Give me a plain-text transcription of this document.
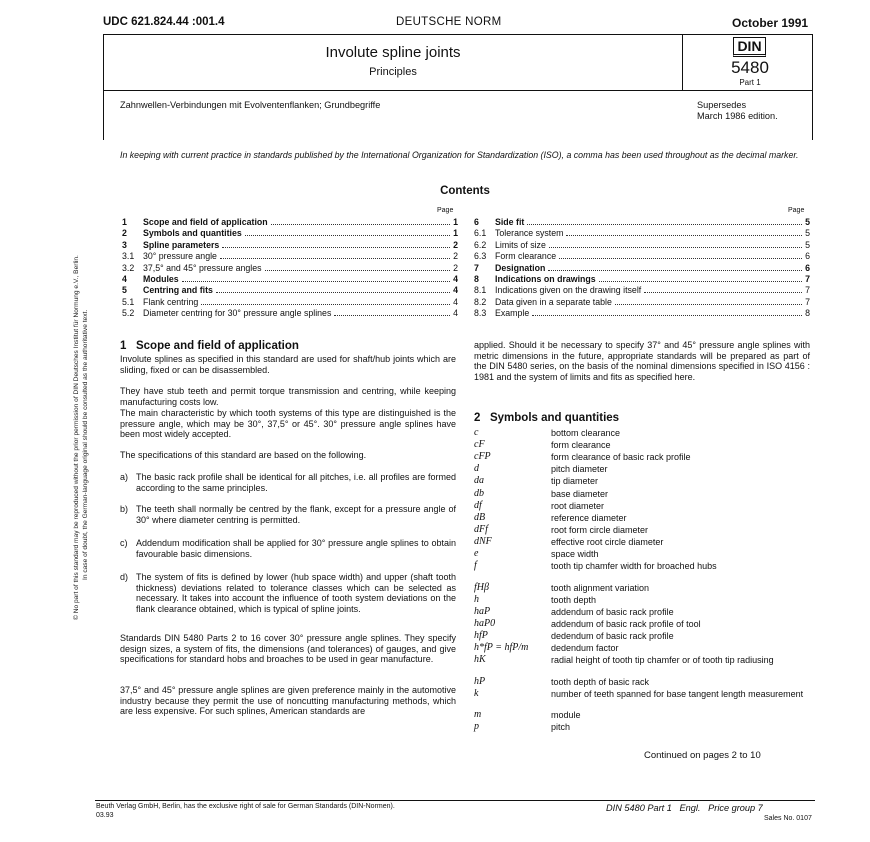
UDC 621.824.44 :001.4	DEUTSCHE NORM	October 1991
Involute spline joints
Principles
DIN
5480
Part 1
Zahnwellen-Verbindungen mit Evolventenflanken; Grundbegriffe	Supersedes
March 1986 edition.
In keeping with current practice in standards published by the International Organization for Standardization (ISO), a comma has been used throughout as the decimal marker.
Contents
Page	Page
1	Scope and field of application	1
2	Symbols and quantities	1
3	Spline parameters	2
3.1 30° pressure angle	2
3.2 37,5° and 45° pressure angles	2
4	Modules	4
5	Centring and fits	4
5.1 Flank centring	4
5.2 Diameter centring for 30° pressure angle splines	4
6	Side fit	5
6.1 Tolerance system	5
6.2 Limits of size	5
6.3 Form clearance	6
7	Designation	6
8	Indications on drawings	7
8.1 Indications given on the drawing itself	7
8.2 Data given in a separate table	7
8.3 Example	8
1   Scope and field of application
Involute splines as specified in this standard are used for shaft/hub joints which are sliding, fixed or can be disassembled.
They have stub teeth and permit torque transmission and centring, while keeping manufacturing costs low.
The main characteristic by which tooth systems of this type are distinguished is the pressure angle, which may be 30°, 37,5° or 45°. 30° pressure angle splines have been most widely accepted.
The specifications of this standard are based on the following.
a) The basic rack profile shall be identical for all pitches, i.e. all profiles are formed according to the same principles.
b) The teeth shall normally be centred by the flank, except for a pressure angle of 30° where diameter centring is permitted.
c) Addendum modification shall be applied for 30° pressure angle splines to obtain favourable basic dimensions.
d) The system of fits is defined by lower (hub space width) and upper (shaft tooth thickness) deviations related to tolerance classes which can be selected as necessary. It takes into account the influence of tooth system deviations on the flank clearance obtained, which is typical of spline joints.
Standards DIN 5480 Parts 2 to 16 cover 30° pressure angle splines. They specify design sizes, a system of fits, the dimensions (and tolerances) of gauges, and give specifications for standard hobs and broaches to be used in gear manufacture.
37,5° and 45° pressure angle splines are given preference mainly in the automotive industry because they permit the use of noncutting manufacturing methods, which are less expensive. For such splines, American standards are
applied. Should it be necessary to specify 37° and 45° pressure angle splines with metric dimensions in the future, appropriate standards will be prepared as part of the DIN 5480 series, on the basis of the nominal dimensions specified in ISO 4156 : 1981 and the system of limits and fits as specified here.
2   Symbols and quantities
c	bottom clearance
cF	form clearance
cFP	form clearance of basic rack profile
d	pitch diameter
da	tip diameter
db	base diameter
df	root diameter
dB	reference diameter
dFf	root form circle diameter
dNF	effective root circle diameter
e	space width
f	tooth tip chamfer width for broached hubs
fHβ	tooth alignment variation
h	tooth depth
haP	addendum of basic rack profile
haP0	addendum of basic rack profile of tool
hfP	dedendum of basic rack profile
h*fP = hfP/m	dedendum factor
hK	radial height of tooth tip chamfer or of tooth tip radiusing
hP	tooth depth of basic rack
k	number of teeth spanned for base tangent length measurement
m	module
p	pitch
Continued on pages 2 to 10
Beuth Verlag GmbH, Berlin, has the exclusive right of sale for German Standards (DIN-Normen).
03.93
DIN 5480 Part 1   Engl.   Price group 7
Sales No. 0107
© No part of this standard may be reproduced without the prior permission of DIN Deutsches Institut für Normung e.V., Berlin. In case of doubt, the German-language original should be consulted as the authoritative text.
